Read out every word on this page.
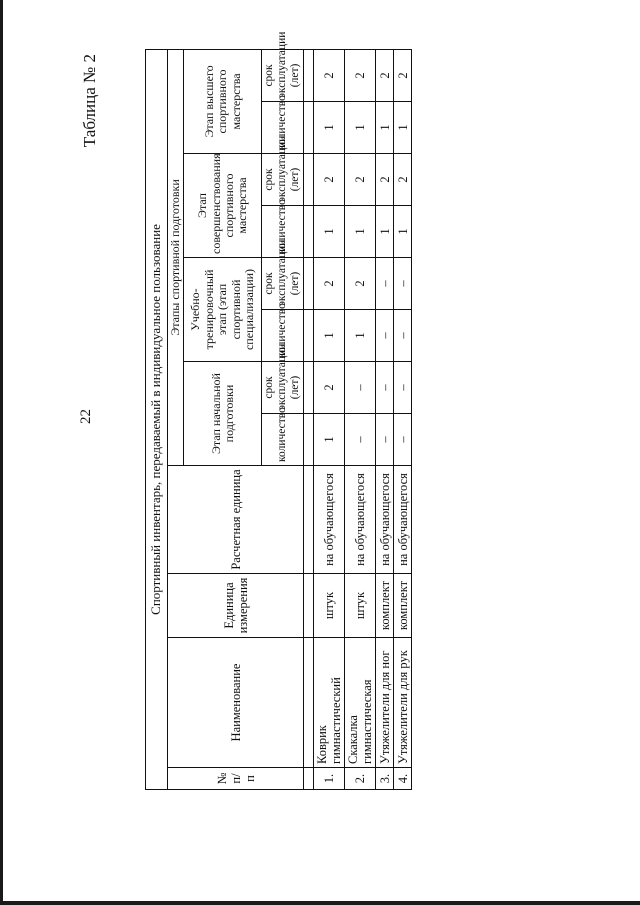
22
Таблица № 2
Спортивный инвентарь, передаваемый в индивидуальное пользование											
№ п/п	Наименование	Единица измерения	Расчетная единица	Этапы спортивной подготовки							
				Этап начальной подготовки		Учебно-тренировочный этап (этап спортивной специализации)		Этап совершенствования спортивного мастерства		Этап высшего спортивного мастерства	
				количество	срок эксплуатации (лет)	количество	срок эксплуатации (лет)	количество	срок эксплуатации (лет)	количество	срок эксплуатации (лет)

1.	Коврик гимнастический	штук	на обучающегося	1	2	1	2	1	2	1	2
2.	Скакалка гимнастическая	штук	на обучающегося	–	–	1	2	1	2	1	2
3.	Утяжелители для ног	комплект	на обучающегося	–	–	–	–	1	2	1	2
4.	Утяжелители для рук	комплект	на обучающегося	–	–	–	–	1	2	1	2
